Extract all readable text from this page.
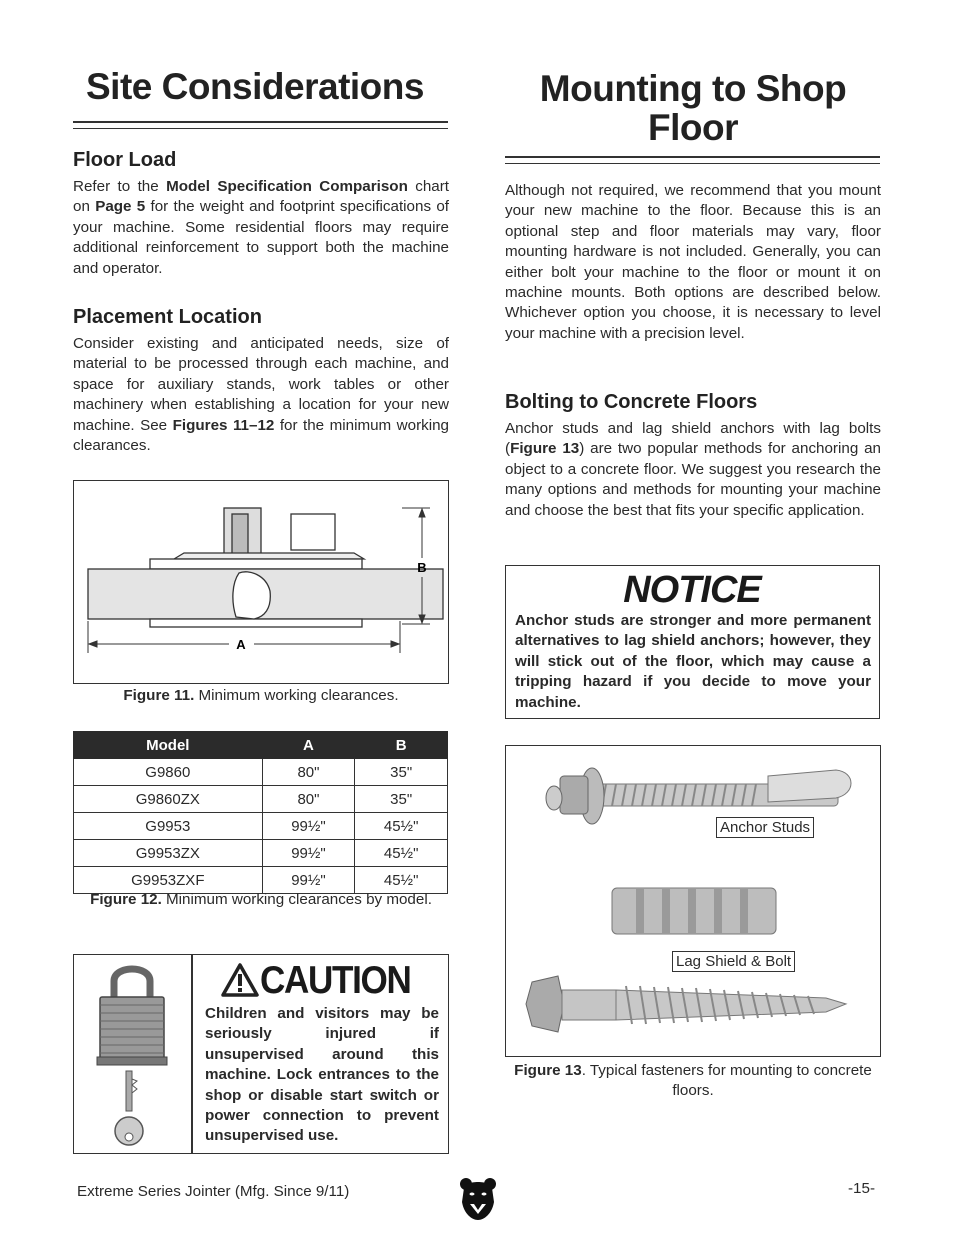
Site Considerations
Floor Load
Refer to the Model Specification Comparison chart on Page 5 for the weight and footprint specifications of your machine. Some residential floors may require additional reinforcement to support both the machine and operator.
Placement Location
Consider existing and anticipated needs, size of material to be processed through each machine, and space for auxiliary stands, work tables or other machinery when establishing a location for your new machine. See Figures 11–12 for the minimum working clearances.
A
B
Figure 11. Minimum working clearances.
Model	A	B
G9860	80"	35"
G9860ZX	80"	35"
G9953	99½"	45½"
G9953ZX	99½"	45½"
G9953ZXF	99½"	45½"
Figure 12. Minimum working clearances by model.
CAUTION
Children and visitors may be seriously injured if unsupervised around this machine. Lock entrances to the shop or disable start switch or power connection to prevent unsupervised use.
Mounting to Shop
Floor
Although not required, we recommend that you mount your new machine to the floor. Because this is an optional step and floor materials may vary, floor mounting hardware is not included. Generally, you can either bolt your machine to the floor or mount it on machine mounts. Both options are described below. Whichever option you choose, it is necessary to level your machine with a precision level.
Bolting to Concrete Floors
Anchor studs and lag shield anchors with lag bolts (Figure 13) are two popular methods for anchoring an object to a concrete floor. We suggest you research the many options and methods for mounting your machine and choose the best that fits your specific application.
NOTICE
Anchor studs are stronger and more permanent alternatives to lag shield anchors; however, they will stick out of the floor, which may cause a tripping hazard if you decide to move your machine.
Anchor Studs
Lag Shield & Bolt
Figure 13. Typical fasteners for mounting to concrete floors.
Extreme Series Jointer (Mfg. Since 9/11)	-15-
